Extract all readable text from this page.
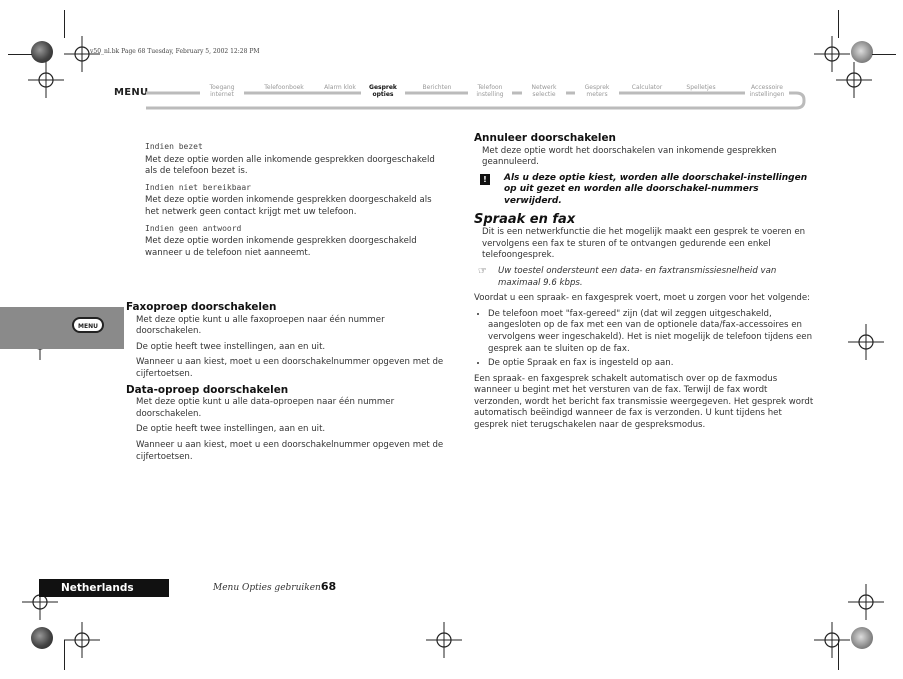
v50_nl.bk Page 68 Tuesday, February 5, 2002 12:28 PM
MENU	Toegang internet
Telefoonboek	Alarm klok	Gesprek opties
Berichten	Telefoon instelling
Netwerk selectie
Gesprek meters
Calculator	Spelletjes	Accessoire instellingen
Indien bezet

Met deze optie worden alle inkomende gesprekken doorgeschakeld als de telefoon bezet is.

Indien niet bereikbaar

Met deze optie worden inkomende gesprekken doorgeschakeld als het netwerk geen contact krijgt met uw telefoon.

Indien geen antwoord

Met deze optie worden inkomende gesprekken doorgeschakeld wanneer u de telefoon niet aanneemt.

Faxoproep doorschakelen

Met deze optie kunt u alle faxoproepen naar één nummer doorschakelen.

De optie heeft twee instellingen, aan en uit.

Wanneer u aan kiest, moet u een doorschakelnummer opgeven met de cijfertoetsen.

Data-oproep doorschakelen

Met deze optie kunt u alle data-oproepen naar één nummer doorschakelen.

De optie heeft twee instellingen, aan en uit.

Wanneer u aan kiest, moet u een doorschakelnummer opgeven met de cijfertoetsen.

MENU
Annuleer doorschakelen

Met deze optie wordt het doorschakelen van inkomende gesprekken geannuleerd.

!	Als u deze optie kiest, worden alle doorschakel-instellingen op uit gezet en worden alle doorschakel-nummers verwijderd.
Spraak en fax

Dit is een netwerkfunctie die het mogelijk maakt een gesprek te voeren en vervolgens een fax te sturen of te ontvangen gedurende een enkel telefoongesprek.

☞ Uw toestel ondersteunt een data- en faxtransmissiesnelheid van maximaal 9.6 kbps.

Voordat u een spraak- en faxgesprek voert, moet u zorgen voor het volgende:

• De telefoon moet "fax-gereed" zijn (dat wil zeggen uitgeschakeld, aangesloten op de fax met een van de optionele data/fax-accessoires en vervolgens weer ingeschakeld). Het is niet mogelijk de telefoon tijdens een gesprek aan te sluiten op de fax.
• De optie Spraak en fax is ingesteld op aan.

Een spraak- en faxgesprek schakelt automatisch over op de faxmodus wanneer u begint met het versturen van de fax. Terwijl de fax wordt verzonden, wordt het bericht fax transmissie weergegeven. Het gesprek wordt automatisch beëindigd wanneer de fax is verzonden. U kunt tijdens het gesprek niet terugschakelen naar de gespreksmodus.

Netherlands	Menu Opties gebruiken68
